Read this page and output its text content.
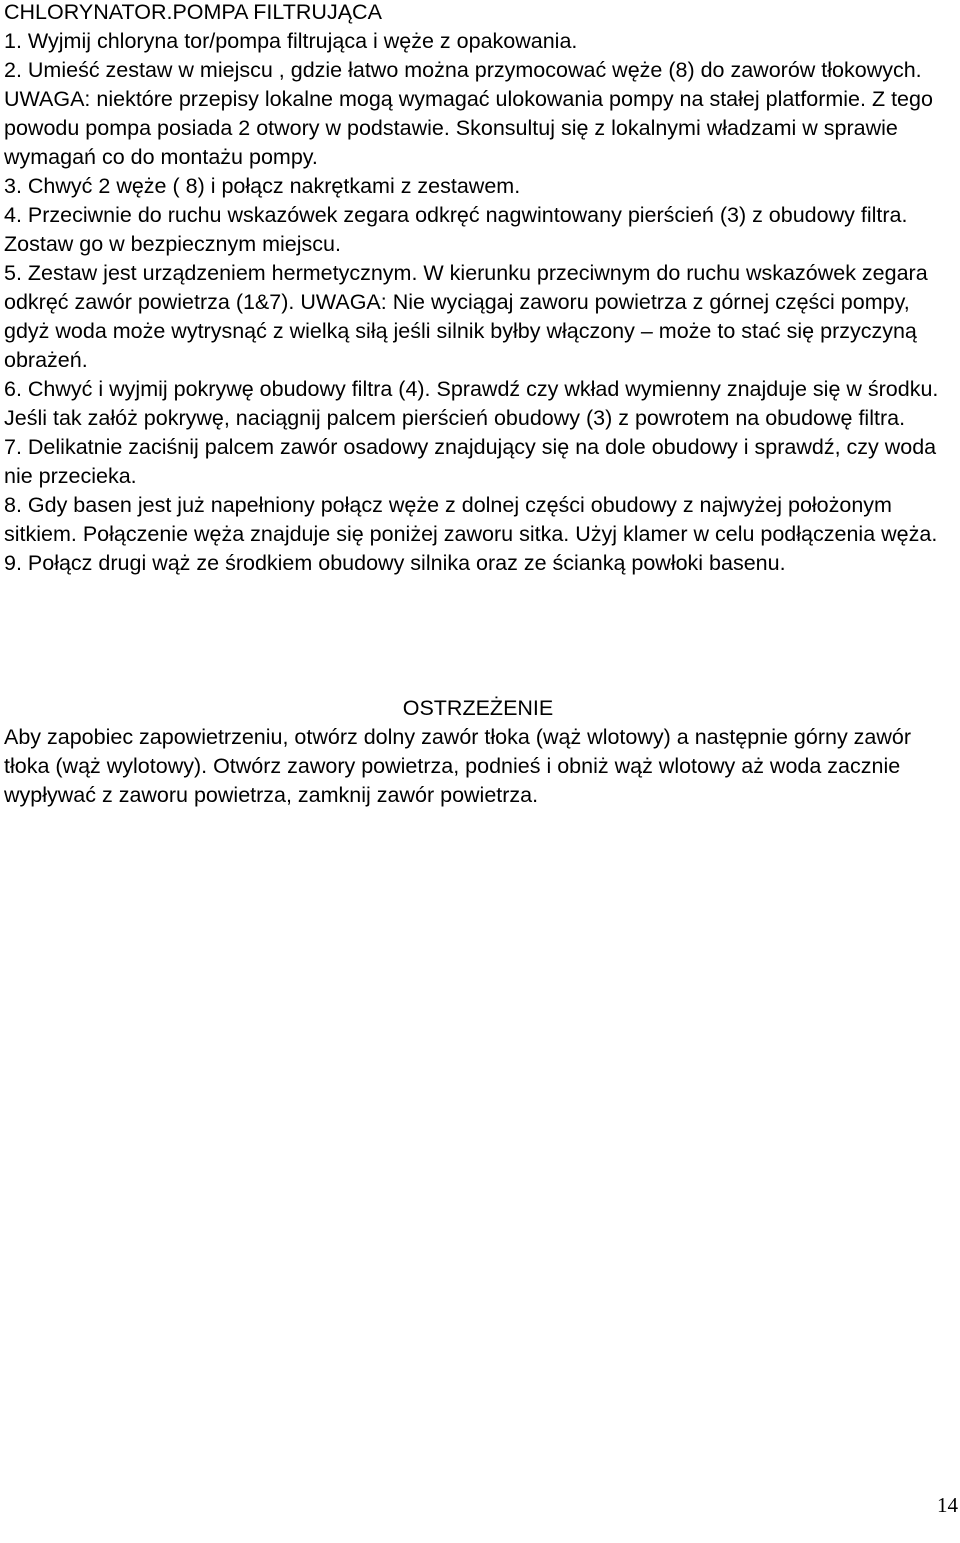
CHLORYNATOR.POMPA FILTRUJĄCA

1. Wyjmij chloryna tor/pompa filtrująca i węże z opakowania.

2. Umieść zestaw w miejscu , gdzie łatwo można przymocować węże (8) do zaworów tłokowych.

UWAGA: niektóre przepisy lokalne mogą wymagać ulokowania pompy na stałej platformie. Z tego powodu pompa posiada 2 otwory w podstawie. Skonsultuj się z lokalnymi władzami w sprawie wymagań co do montażu pompy.

3. Chwyć 2 węże ( 8) i połącz nakrętkami z zestawem.

4. Przeciwnie do ruchu wskazówek zegara odkręć nagwintowany pierścień (3) z obudowy filtra. Zostaw go w bezpiecznym miejscu.

5. Zestaw jest urządzeniem hermetycznym. W kierunku przeciwnym do ruchu wskazówek zegara odkręć zawór powietrza (1&7). UWAGA: Nie wyciągaj zaworu powietrza z górnej części pompy, gdyż woda może wytrysnąć z wielką siłą jeśli silnik byłby włączony – może to stać się przyczyną obrażeń.

6. Chwyć i wyjmij pokrywę obudowy filtra (4). Sprawdź czy wkład wymienny znajduje się w środku. Jeśli tak załóż pokrywę, naciągnij palcem pierścień obudowy (3) z powrotem na obudowę filtra.

7. Delikatnie zaciśnij palcem zawór osadowy znajdujący się na dole obudowy i sprawdź, czy woda nie przecieka.

8. Gdy basen jest już napełniony połącz węże z dolnej części obudowy z najwyżej położonym sitkiem. Połączenie węża znajduje się poniżej zaworu sitka. Użyj klamer w celu podłączenia węża.

9. Połącz drugi wąż ze środkiem obudowy silnika oraz ze ścianką powłoki basenu.

OSTRZEŻENIE

Aby zapobiec zapowietrzeniu, otwórz dolny zawór tłoka (wąż wlotowy) a następnie górny zawór tłoka (wąż wylotowy). Otwórz zawory powietrza, podnieś i obniż wąż wlotowy aż woda zacznie wypływać z zaworu powietrza, zamknij zawór powietrza.

14
